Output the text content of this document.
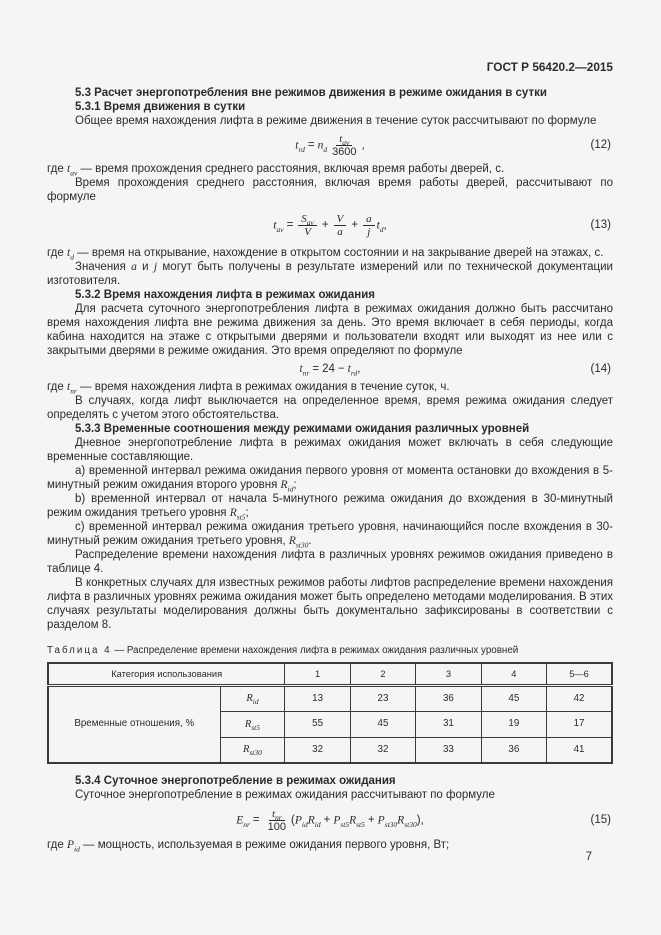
ГОСТ Р 56420.2—2015
5.3 Расчет энергопотребления вне режимов движения в режиме ожидания в сутки
5.3.1 Время движения в сутки

Общее время нахождения лифта в режиме движения в течение суток рассчитывают по формуле

$t_{rd} = n_d \frac{t_{av}}{3600}$ ,	(12)

где $t_{av}$ — время прохождения среднего расстояния, включая время работы дверей, с.

Время прохождения среднего расстояния, включая время работы дверей, рассчитывают по формуле

$t_{av} = \frac{S_{av}}{V} + \frac{V}{a} + \frac{a}{j} t_d$,	(13)

где $t_d$ — время на открывание, нахождение в открытом состоянии и на закрывание дверей на этажах, с.

Значения a и j могут быть получены в результате измерений или по технической документации изготовителя.

5.3.2 Время нахождения лифта в режимах ожидания

Для расчета суточного энергопотребления лифта в режимах ожидания должно быть рассчитано время нахождения лифта вне режима движения за день. Это время включает в себя периоды, когда кабина находится на этаже с открытыми дверями и пользователи входят или выходят из нее или с закрытыми дверями в режиме ожидания. Это время определяют по формуле

$t_{nr} = 24 - t_{rd}$,	(14)

где $t_{nr}$ — время нахождения лифта в режимах ожидания в течение суток, ч.

В случаях, когда лифт выключается на определенное время, время режима ожидания следует определять с учетом этого обстоятельства.

5.3.3 Временные соотношения между режимами ожидания различных уровней

Дневное энергопотребление лифта в режимах ожидания может включать в себя следующие временные составляющие.

a) временной интервал режима ожидания первого уровня от момента остановки до вхождения в 5-минутный режим ожидания второго уровня $R_{id}$;

b) временной интервал от начала 5-минутного режима ожидания до вхождения в 30-минутный режим ожидания третьего уровня $R_{st5}$;

c) временной интервал режима ожидания третьего уровня, начинающийся после вхождения в 30-минутный режим ожидания третьего уровня, $R_{st30}$.

Распределение времени нахождения лифта в различных уровнях режимов ожидания приведено в таблице 4.

В конкретных случаях для известных режимов работы лифтов распределение времени нахождения лифта в различных уровнях режима ожидания может быть определено методами моделирования. В этих случаях результаты моделирования должны быть документально зафиксированы в соответствии с разделом 8.

Таблица 4 — Распределение времени нахождения лифта в режимах ожидания различных уровней
Категория использования		1	2	3	4	5—6
Временные отношения, %	$R_{id}$	13	23	36	45	42
	$R_{st5}$	55	45	31	19	17
	$R_{st30}$	32	32	33	36	41
5.3.4 Суточное энергопотребление в режимах ожидания

Суточное энергопотребление в режимах ожидания рассчитывают по формуле

$E_{nr} = \frac{t_{nr}}{100} (P_{id}R_{id} + P_{st5}R_{st5} + P_{st30}R_{st30})$,	(15)

где $P_{id}$ — мощность, используемая в режиме ожидания первого уровня, Вт;

7
